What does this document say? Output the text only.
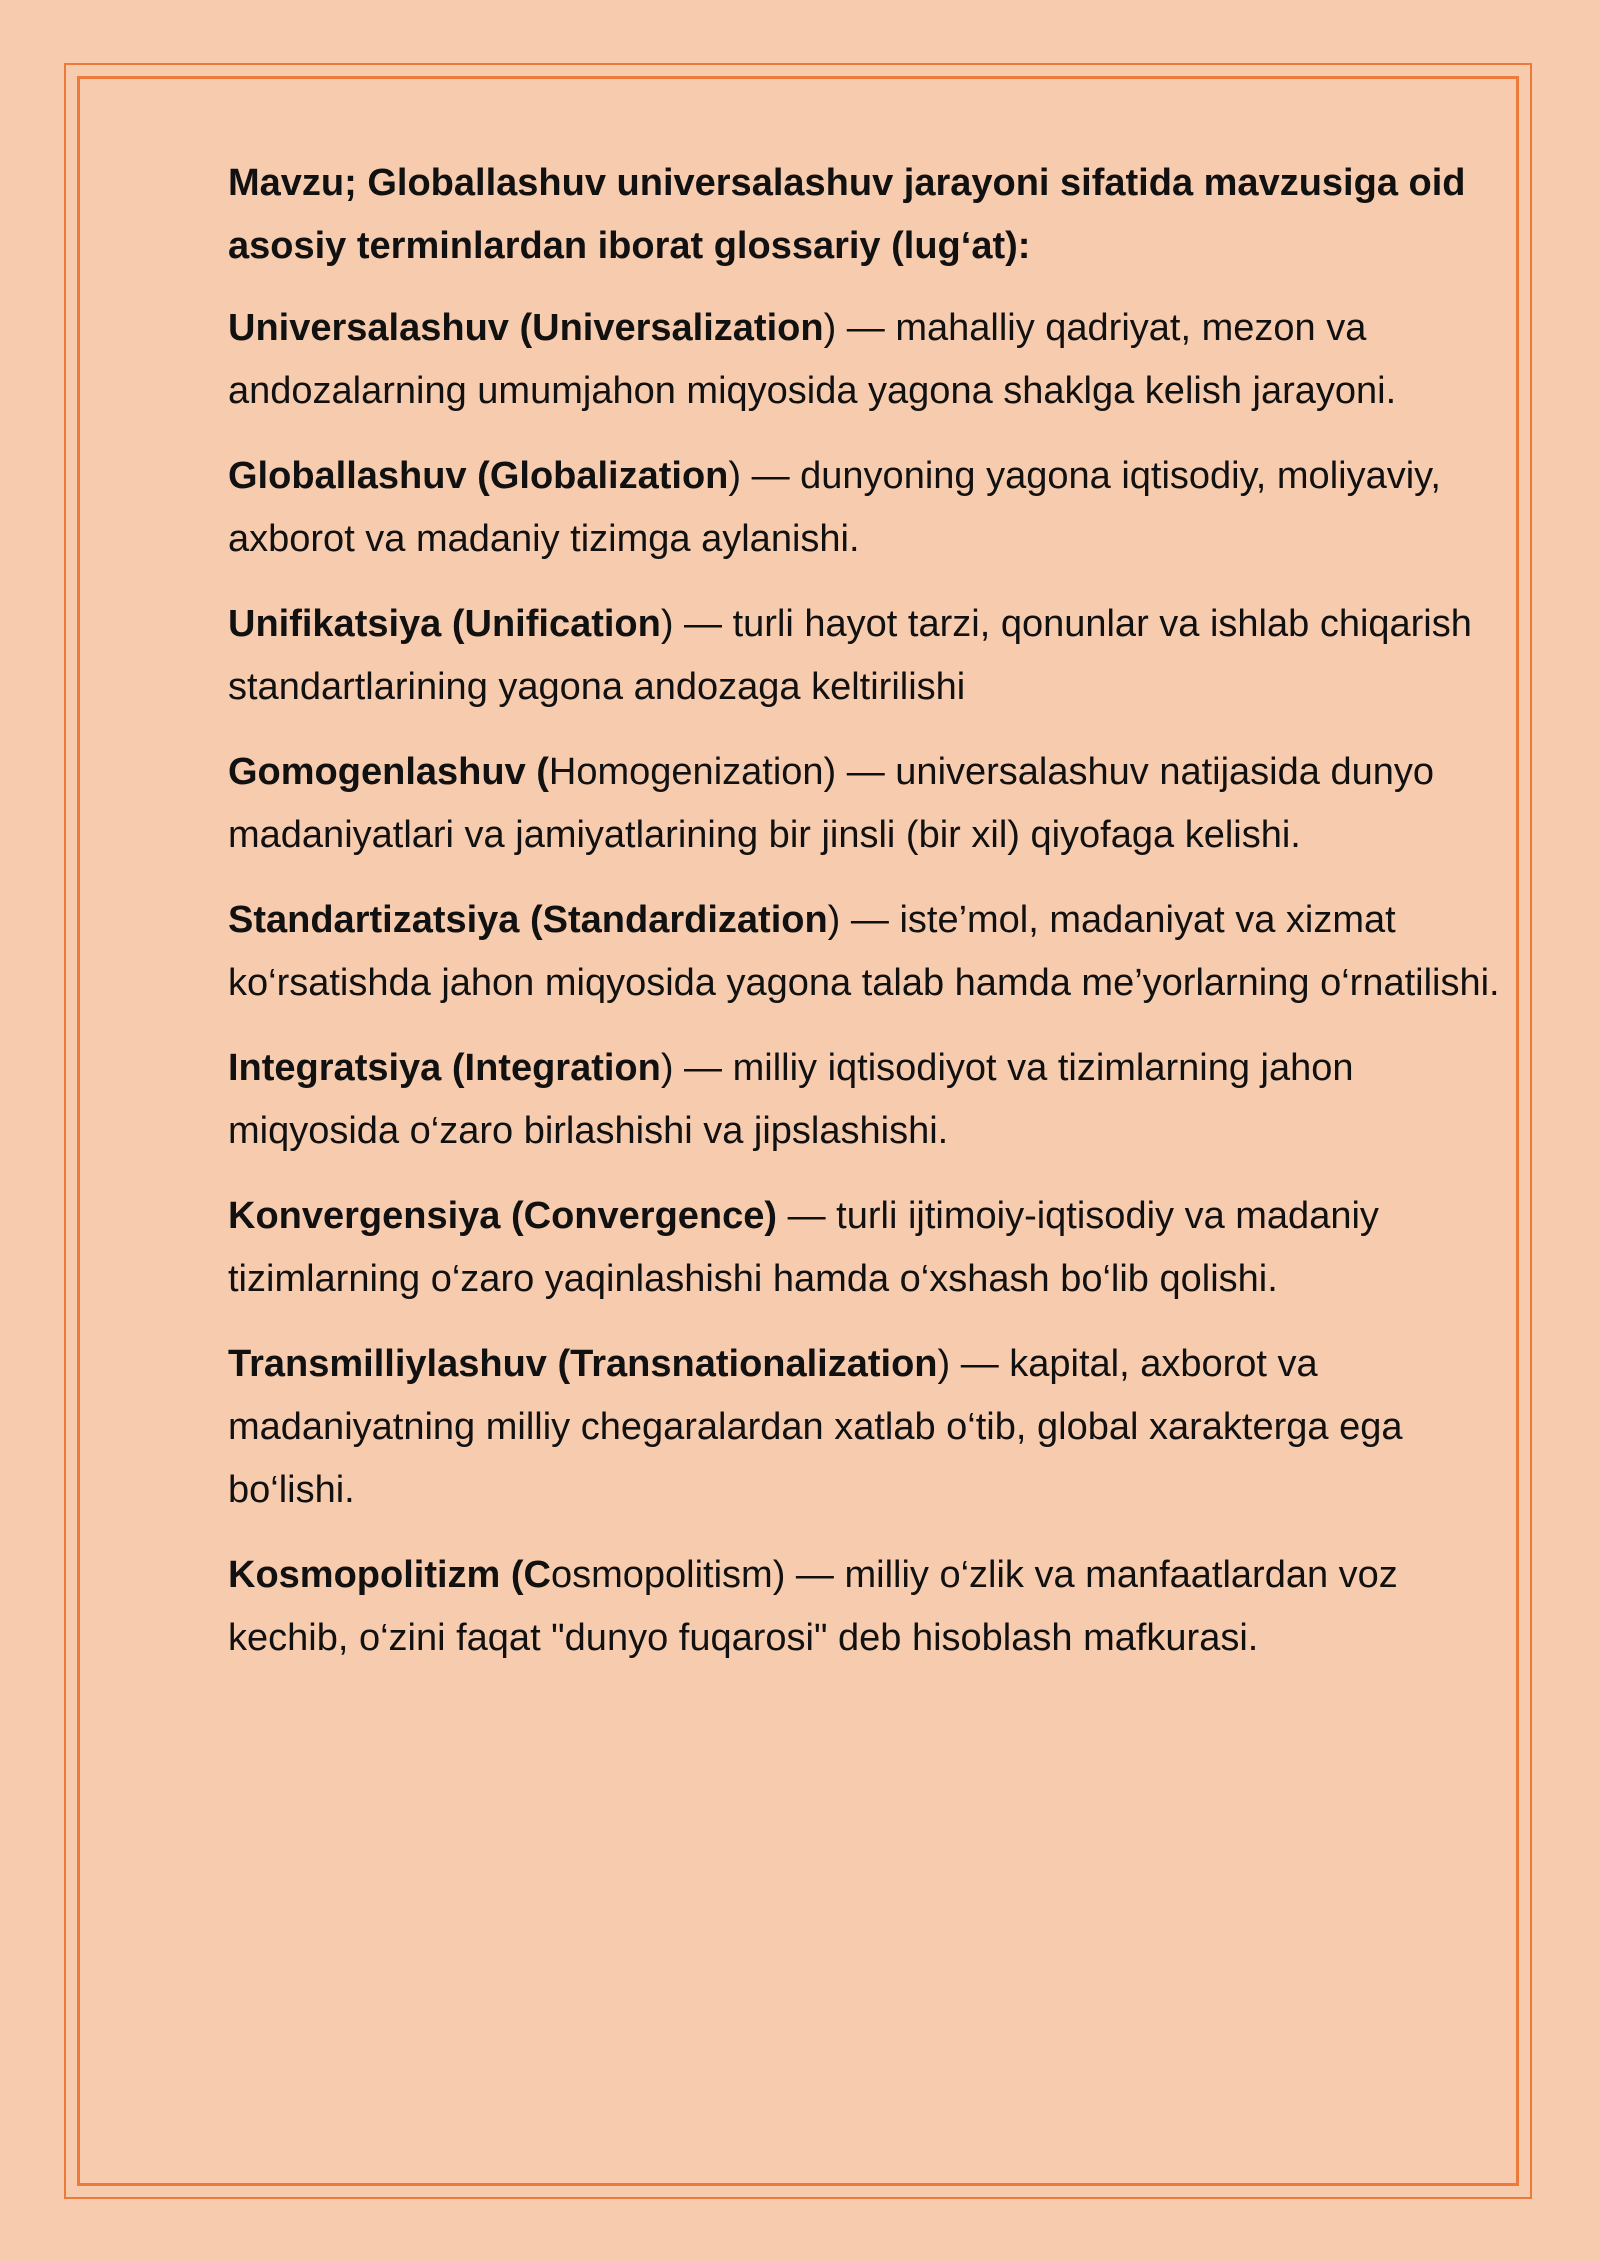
Mavzu; Globallashuv universalashuv jarayoni sifatida mavzusiga oid asosiy terminlardan iborat glossariy (lug‘at):

Universalashuv (Universalization) — mahalliy qadriyat, mezon va andozalarning umumjahon miqyosida yagona shaklga kelish jarayoni.

Globallashuv (Globalization) — dunyoning yagona iqtisodiy, moliyaviy, axborot va madaniy tizimga aylanishi.

Unifikatsiya (Unification) — turli hayot tarzi, qonunlar va ishlab chiqarish standartlarining yagona andozaga keltirilishi

Gomogenlashuv (Homogenization) — universalashuv natijasida dunyo madaniyatlari va jamiyatlarining bir jinsli (bir xil) qiyofaga kelishi.

Standartizatsiya (Standardization) — iste’mol, madaniyat va xizmat ko‘rsatishda jahon miqyosida yagona talab hamda me’yorlarning o‘rnatilishi.

Integratsiya (Integration) — milliy iqtisodiyot va tizimlarning jahon miqyosida o‘zaro birlashishi va jipslashishi.

Konvergensiya (Convergence) — turli ijtimoiy-iqtisodiy va madaniy tizimlarning o‘zaro yaqinlashishi hamda o‘xshash bo‘lib qolishi.

Transmilliylashuv (Transnationalization) — kapital, axborot va madaniyatning milliy chegaralardan xatlab o‘tib, global xarakterga ega bo‘lishi.

Kosmopolitizm (Cosmopolitism) — milliy o‘zlik va manfaatlardan voz kechib, o‘zini faqat "dunyo fuqarosi" deb hisoblash mafkurasi.
